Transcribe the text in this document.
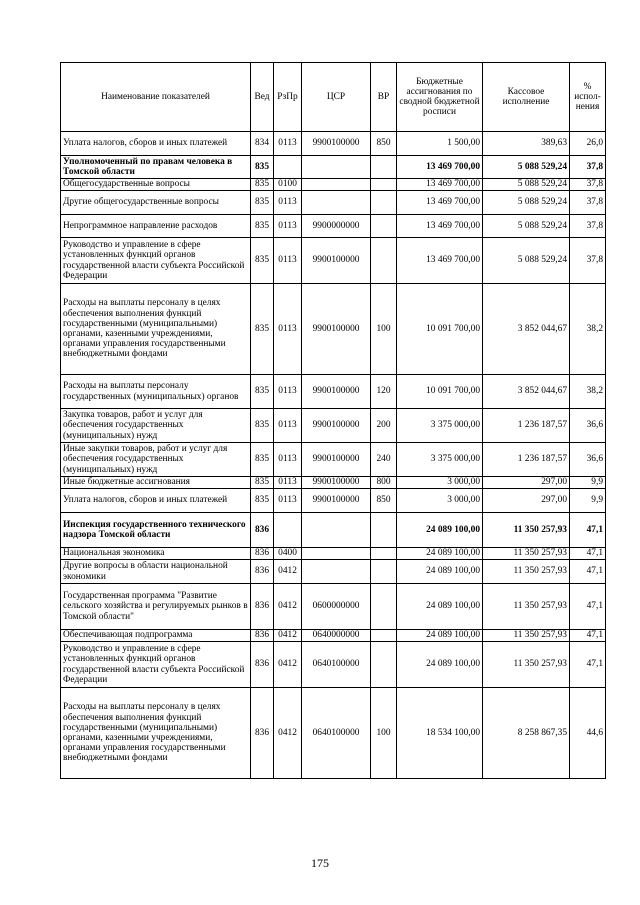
Наименование показателей	Вед	РзПр	ЦСР	ВР	Бюджетные ассигнования по сводной бюджетной росписи	Кассовое исполнение	% испол-нения
Уплата налогов, сборов и иных платежей	834	0113	9900100000	850	1 500,00	389,63	26,0
Уполномоченный по правам человека в Томской области	835				13 469 700,00	5 088 529,24	37,8
Общегосударственные вопросы	835	0100			13 469 700,00	5 088 529,24	37,8
Другие общегосударственные вопросы	835	0113			13 469 700,00	5 088 529,24	37,8
Непрограммное направление расходов	835	0113	9900000000		13 469 700,00	5 088 529,24	37,8
Руководство и управление в сфере установленных функций органов государственной власти субъекта Российской Федерации	835	0113	9900100000		13 469 700,00	5 088 529,24	37,8
Расходы на выплаты персоналу в целях обеспечения выполнения функций государственными (муниципальными) органами, казенными учреждениями, органами управления государственными внебюджетными фондами	835	0113	9900100000	100	10 091 700,00	3 852 044,67	38,2
Расходы на выплаты персоналу государственных (муниципальных) органов	835	0113	9900100000	120	10 091 700,00	3 852 044,67	38,2
Закупка товаров, работ и услуг для обеспечения государственных (муниципальных) нужд	835	0113	9900100000	200	3 375 000,00	1 236 187,57	36,6
Иные закупки товаров, работ и услуг для обеспечения государственных (муниципальных) нужд	835	0113	9900100000	240	3 375 000,00	1 236 187,57	36,6
Иные бюджетные ассигнования	835	0113	9900100000	800	3 000,00	297,00	9,9
Уплата налогов, сборов и иных платежей	835	0113	9900100000	850	3 000,00	297,00	9,9
Инспекция государственного технического надзора Томской области	836				24 089 100,00	11 350 257,93	47,1
Национальная экономика	836	0400			24 089 100,00	11 350 257,93	47,1
Другие вопросы в области национальной экономики	836	0412			24 089 100,00	11 350 257,93	47,1
Государственная программа "Развитие сельского хозяйства и регулируемых рынков в Томской области"	836	0412	0600000000		24 089 100,00	11 350 257,93	47,1
Обеспечивающая подпрограмма	836	0412	0640000000		24 089 100,00	11 350 257,93	47,1
Руководство и управление в сфере установленных функций органов государственной власти субъекта Российской Федерации	836	0412	0640100000		24 089 100,00	11 350 257,93	47,1
Расходы на выплаты персоналу в целях обеспечения выполнения функций государственными (муниципальными) органами, казенными учреждениями, органами управления государственными внебюджетными фондами	836	0412	0640100000	100	18 534 100,00	8 258 867,35	44,6
175
